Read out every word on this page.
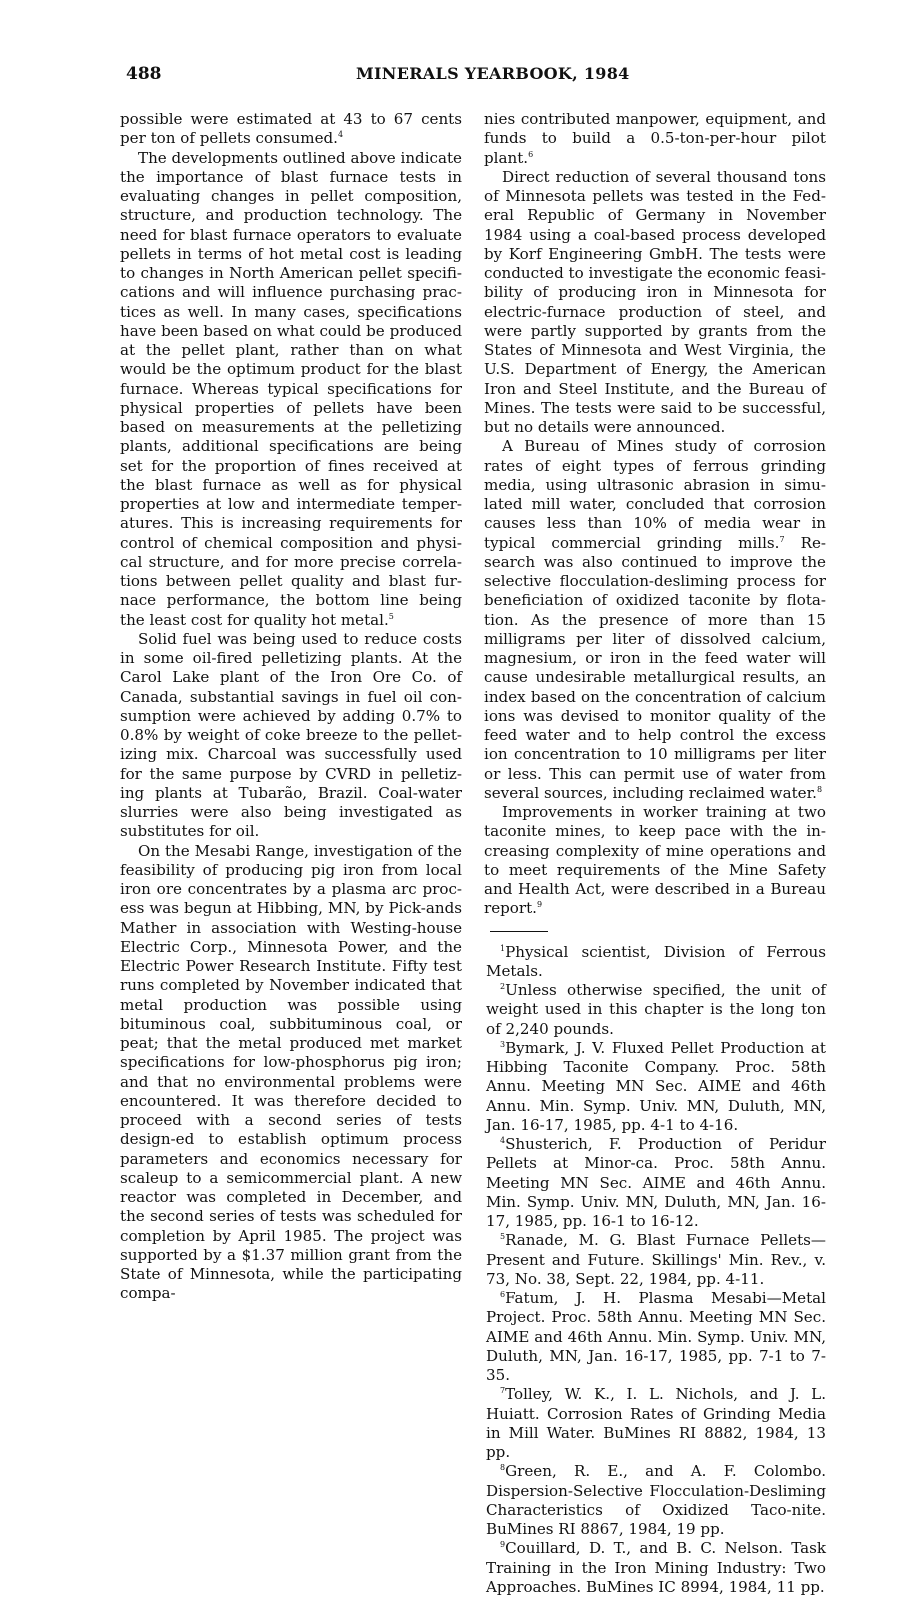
488	MINERALS YEARBOOK, 1984

possible were estimated at 43 to 67 cents per ton of pellets consumed.$^4$

The developments outlined above indicate the importance of blast furnace tests in evaluating changes in pellet composition, structure, and production technology. The need for blast furnace operators to evaluate pellets in terms of hot metal cost is leading to changes in North American pellet specifi-cations and will influence purchasing prac-tices as well. In many cases, specifications have been based on what could be produced at the pellet plant, rather than on what would be the optimum product for the blast furnace. Whereas typical specifications for physical properties of pellets have been based on measurements at the pelletizing plants, additional specifications are being set for the proportion of fines received at the blast furnace as well as for physical properties at low and intermediate temper-atures. This is increasing requirements for control of chemical composition and physi-cal structure, and for more precise correla-tions between pellet quality and blast fur-nace performance, the bottom line being the least cost for quality hot metal.$^5$

Solid fuel was being used to reduce costs in some oil-fired pelletizing plants. At the Carol Lake plant of the Iron Ore Co. of Canada, substantial savings in fuel oil con-sumption were achieved by adding 0.7% to 0.8% by weight of coke breeze to the pellet-izing mix. Charcoal was successfully used for the same purpose by CVRD in pelletiz-ing plants at Tubarão, Brazil. Coal-water slurries were also being investigated as substitutes for oil.

On the Mesabi Range, investigation of the feasibility of producing pig iron from local iron ore concentrates by a plasma arc proc-ess was begun at Hibbing, MN, by Pick-ands Mather in association with Westing-house Electric Corp., Minnesota Power, and the Electric Power Research Institute. Fifty test runs completed by November indicated that metal production was possible using bituminous coal, subbituminous coal, or peat; that the metal produced met market specifications for low-phosphorus pig iron; and that no environmental problems were encountered. It was therefore decided to proceed with a second series of tests design-ed to establish optimum process parameters and economics necessary for scaleup to a semicommercial plant. A new reactor was completed in December, and the second series of tests was scheduled for completion by April 1985. The project was supported by a $1.37 million grant from the State of Minnesota, while the participating compa-

nies contributed manpower, equipment, and funds to build a 0.5-ton-per-hour pilot plant.$^6$

Direct reduction of several thousand tons of Minnesota pellets was tested in the Fed-eral Republic of Germany in November 1984 using a coal-based process developed by Korf Engineering GmbH. The tests were conducted to investigate the economic feasi-bility of producing iron in Minnesota for electric-furnace production of steel, and were partly supported by grants from the States of Minnesota and West Virginia, the U.S. Department of Energy, the American Iron and Steel Institute, and the Bureau of Mines. The tests were said to be successful, but no details were announced.

A Bureau of Mines study of corrosion rates of eight types of ferrous grinding media, using ultrasonic abrasion in simu-lated mill water, concluded that corrosion causes less than 10% of media wear in typical commercial grinding mills.$^7$ Re-search was also continued to improve the selective flocculation-desliming process for beneficiation of oxidized taconite by flota-tion. As the presence of more than 15 milligrams per liter of dissolved calcium, magnesium, or iron in the feed water will cause undesirable metallurgical results, an index based on the concentration of calcium ions was devised to monitor quality of the feed water and to help control the excess ion concentration to 10 milligrams per liter or less. This can permit use of water from several sources, including reclaimed water.$^8$

Improvements in worker training at two taconite mines, to keep pace with the in-creasing complexity of mine operations and to meet requirements of the Mine Safety and Health Act, were described in a Bureau report.$^9$

$^1$Physical scientist, Division of Ferrous Metals.

$^2$Unless otherwise specified, the unit of weight used in this chapter is the long ton of 2,240 pounds.

$^3$Bymark, J. V. Fluxed Pellet Production at Hibbing Taconite Company. Proc. 58th Annu. Meeting MN Sec. AIME and 46th Annu. Min. Symp. Univ. MN, Duluth, MN, Jan. 16-17, 1985, pp. 4-1 to 4-16.

$^4$Shusterich, F. Production of Peridur Pellets at Minor-ca. Proc. 58th Annu. Meeting MN Sec. AIME and 46th Annu. Min. Symp. Univ. MN, Duluth, MN, Jan. 16-17, 1985, pp. 16-1 to 16-12.

$^5$Ranade, M. G. Blast Furnace Pellets—Present and Future. Skillings' Min. Rev., v. 73, No. 38, Sept. 22, 1984, pp. 4-11.

$^6$Fatum, J. H. Plasma Mesabi—Metal Project. Proc. 58th Annu. Meeting MN Sec. AIME and 46th Annu. Min. Symp. Univ. MN, Duluth, MN, Jan. 16-17, 1985, pp. 7-1 to 7-35.

$^7$Tolley, W. K., I. L. Nichols, and J. L. Huiatt. Corrosion Rates of Grinding Media in Mill Water. BuMines RI 8882, 1984, 13 pp.

$^8$Green, R. E., and A. F. Colombo. Dispersion-Selective Flocculation-Desliming Characteristics of Oxidized Taco-nite. BuMines RI 8867, 1984, 19 pp.

$^9$Couillard, D. T., and B. C. Nelson. Task Training in the Iron Mining Industry: Two Approaches. BuMines IC 8994, 1984, 11 pp.
